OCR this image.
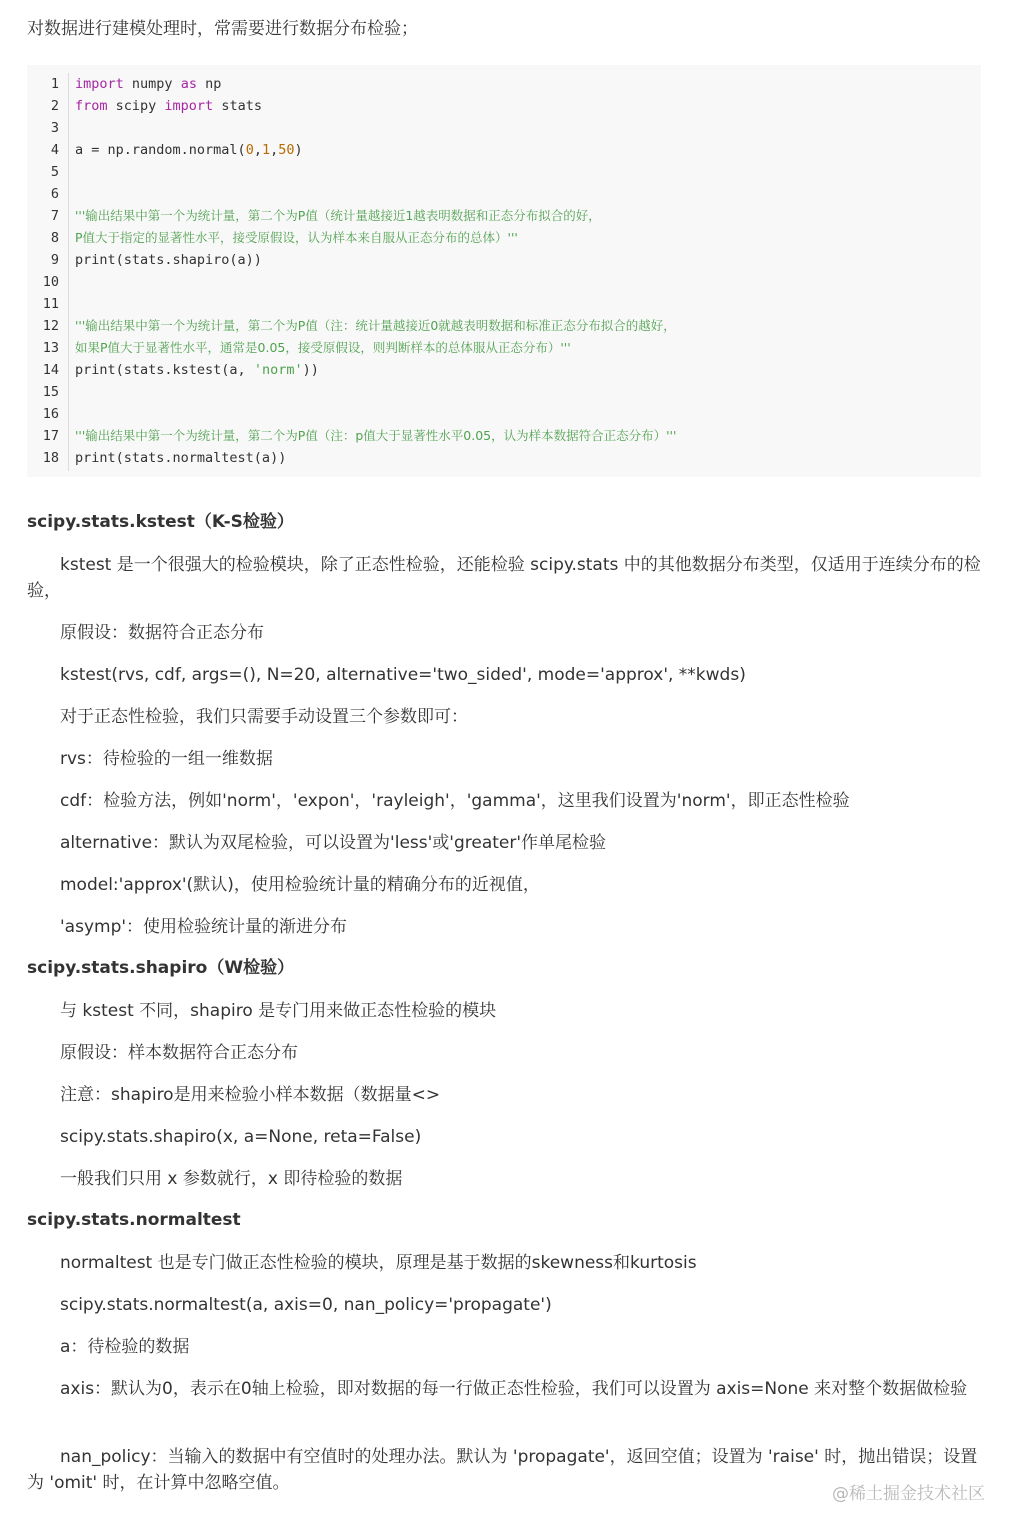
对数据进行建模处理时，常需要进行数据分布检验；

1 import numpy as np
2 from scipy import stats
3
4 a = np.random.normal(0,1,50)
5
6
7 '''输出结果中第一个为统计量，第二个为P值（统计量越接近1越表明数据和正态分布拟合的好，
8 P值大于指定的显著性水平，接受原假设，认为样本来自服从正态分布的总体）'''
9 print(stats.shapiro(a))
10
11
12 '''输出结果中第一个为统计量，第二个为P值（注：统计量越接近0就越表明数据和标准正态分布拟合的越好，
13 如果P值大于显著性水平，通常是0.05，接受原假设，则判断样本的总体服从正态分布）'''
14 print(stats.kstest(a, 'norm'))
15
16
17 '''输出结果中第一个为统计量，第二个为P值（注：p值大于显著性水平0.05，认为样本数据符合正态分布）'''
18 print(stats.normaltest(a))
scipy.stats.kstest（K-S检验）

kstest 是一个很强大的检验模块，除了正态性检验，还能检验 scipy.stats 中的其他数据分布类型，仅适用于连续分布的检验，

原假设：数据符合正态分布

kstest(rvs, cdf, args=(), N=20, alternative='two_sided', mode='approx', **kwds)

对于正态性检验，我们只需要手动设置三个参数即可：

rvs：待检验的一组一维数据

cdf：检验方法，例如'norm'，'expon'，'rayleigh'，'gamma'，这里我们设置为'norm'，即正态性检验

alternative：默认为双尾检验，可以设置为'less'或'greater'作单尾检验

model:'approx'(默认)，使用检验统计量的精确分布的近视值，

'asymp'：使用检验统计量的渐进分布

scipy.stats.shapiro（W检验）

与 kstest 不同，shapiro 是专门用来做正态性检验的模块

原假设：样本数据符合正态分布

注意：shapiro是用来检验小样本数据（数据量<>

scipy.stats.shapiro(x, a=None, reta=False)

一般我们只用 x 参数就行，x 即待检验的数据

scipy.stats.normaltest

normaltest 也是专门做正态性检验的模块，原理是基于数据的skewness和kurtosis

scipy.stats.normaltest(a, axis=0, nan_policy='propagate')

a：待检验的数据

axis：默认为0，表示在0轴上检验，即对数据的每一行做正态性检验，我们可以设置为 axis=None 来对整个数据做检验

nan_policy：当输入的数据中有空值时的处理办法。默认为 'propagate'，返回空值；设置为 'raise' 时，抛出错误；设置为 'omit' 时，在计算中忽略空值。

@稀土掘金技术社区
